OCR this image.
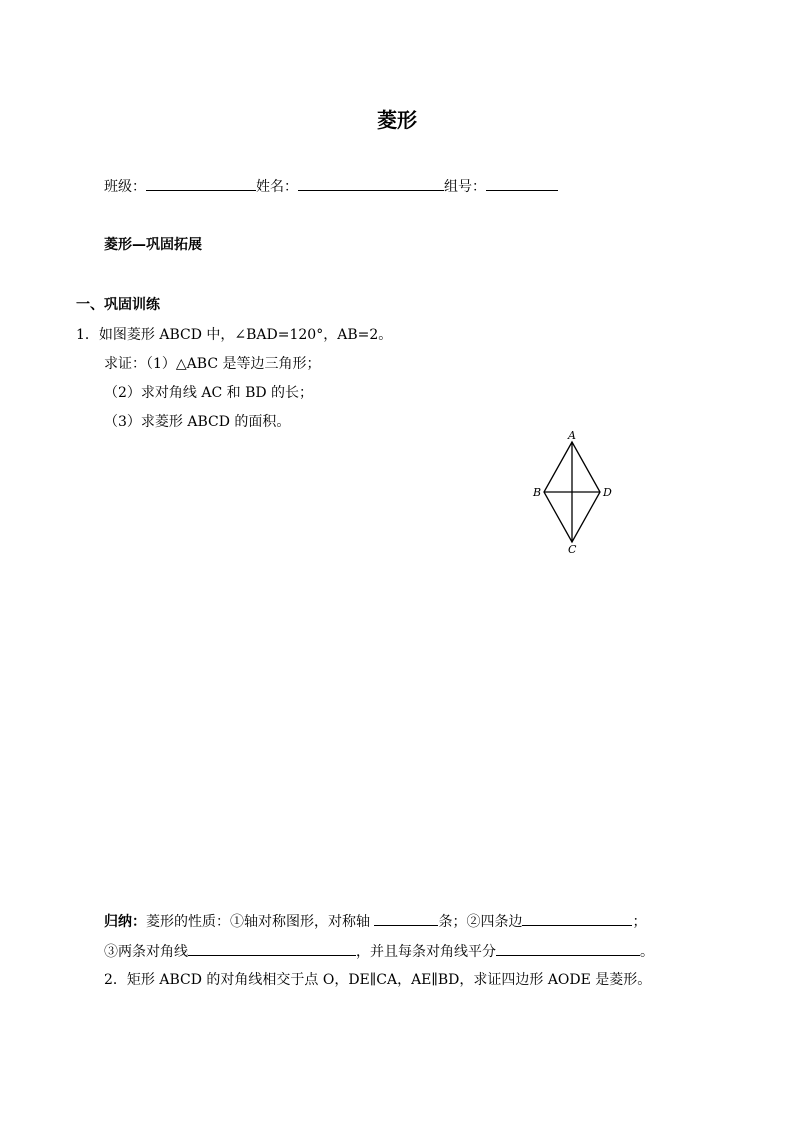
菱形
班级：	姓名：	组号：
菱形—巩固拓展
一、巩固训练
1．如图菱形 ABCD 中，∠BAD=120°，AB=2。
求证：（1）△ABC 是等边三角形；
（2）求对角线 AC 和 BD 的长；
（3）求菱形 ABCD 的面积。
A
B
C
D
归纳：菱形的性质：①轴对称图形，对称轴	条；②四条边	；
③两条对角线	，并且每条对角线平分	。
2．矩形 ABCD 的对角线相交于点 O，DE∥CA，AE∥BD，求证四边形 AODE 是菱形。
